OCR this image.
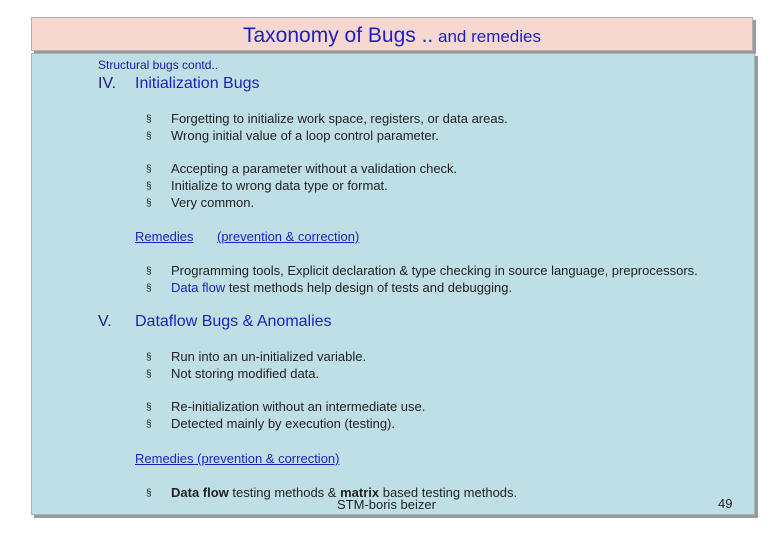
Taxonomy of Bugs .. and remedies
Structural bugs contd..
IV. Initialization Bugs
§ Forgetting to initialize work space, registers, or data areas.
§ Wrong initial value of a loop control parameter.
§ Accepting a parameter without a validation check.
§ Initialize to wrong data type or format.
§ Very common.
Remedies (prevention & correction)
§ Programming tools, Explicit declaration & type checking in source language, preprocessors.
§ Data flow test methods help design of tests and debugging.
V. Dataflow Bugs & Anomalies
§ Run into an un-initialized variable.
§ Not storing modified data.
§ Re-initialization without an intermediate use.
§ Detected mainly by execution (testing).
Remedies (prevention & correction)
§ Data flow testing methods & matrix based testing methods.
STM-boris beizer	49
